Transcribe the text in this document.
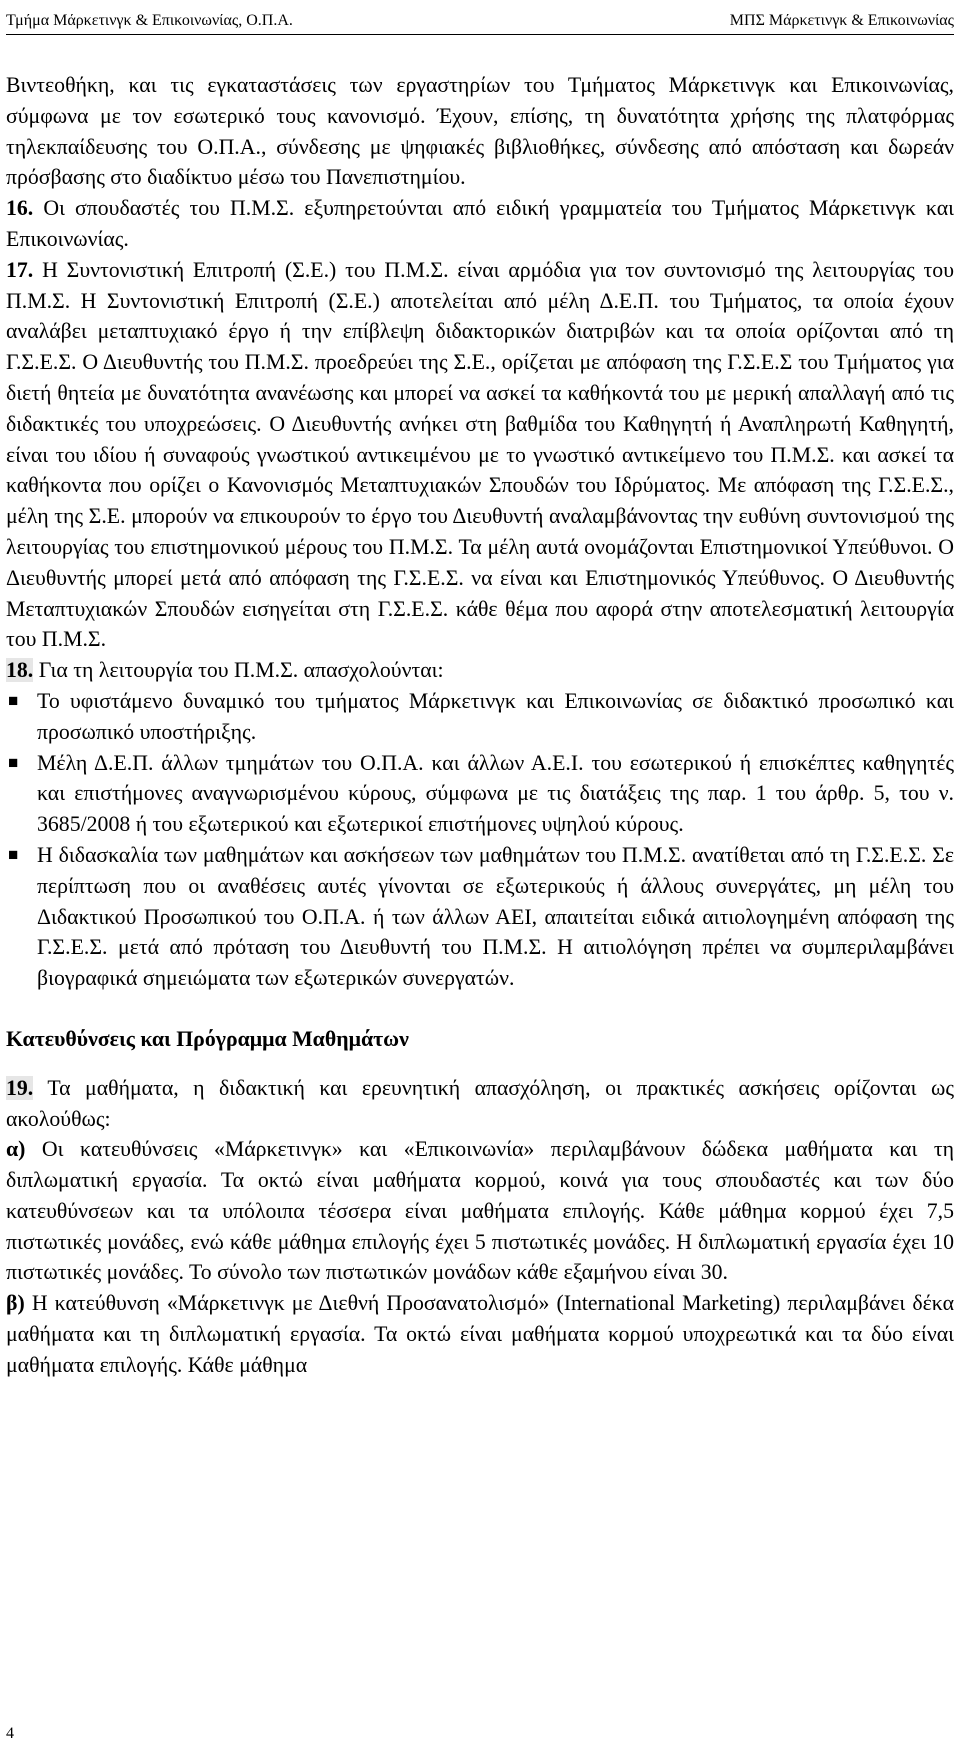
Τμήμα Μάρκετινγκ & Επικοινωνίας, Ο.Π.Α.	ΜΠΣ Μάρκετινγκ & Επικοινωνίας

Βιντεοθήκη, και τις εγκαταστάσεις των εργαστηρίων του Τμήματος Μάρκετινγκ και Επικοινωνίας, σύμφωνα με τον εσωτερικό τους κανονισμό. Έχουν, επίσης, τη δυνατότητα χρήσης της πλατφόρμας τηλεκπαίδευσης του Ο.Π.Α., σύνδεσης με ψηφιακές βιβλιοθήκες, σύνδεσης από απόσταση και δωρεάν πρόσβασης στο διαδίκτυο μέσω του Πανεπιστημίου.

16. Οι σπουδαστές του Π.Μ.Σ. εξυπηρετούνται από ειδική γραμματεία του Τμήματος Μάρκετινγκ και Επικοινωνίας.

17. Η Συντονιστική Επιτροπή (Σ.Ε.) του Π.Μ.Σ. είναι αρμόδια για τον συντονισμό της λειτουργίας του Π.Μ.Σ. Η Συντονιστική Επιτροπή (Σ.Ε.) αποτελείται από μέλη Δ.Ε.Π. του Τμήματος, τα οποία έχουν αναλάβει μεταπτυχιακό έργο ή την επίβλεψη διδακτορικών διατριβών και τα οποία ορίζονται από τη Γ.Σ.Ε.Σ. Ο Διευθυντής του Π.Μ.Σ. προεδρεύει της Σ.Ε., ορίζεται με απόφαση της Γ.Σ.Ε.Σ του Τμήματος για διετή θητεία με δυνατότητα ανανέωσης και μπορεί να ασκεί τα καθήκοντά του με μερική απαλλαγή από τις διδακτικές του υποχρεώσεις. Ο Διευθυντής ανήκει στη βαθμίδα του Καθηγητή ή Αναπληρωτή Καθηγητή, είναι του ιδίου ή συναφούς γνωστικού αντικειμένου με το γνωστικό αντικείμενο του Π.Μ.Σ. και ασκεί τα καθήκοντα που ορίζει ο Κανονισμός Μεταπτυχιακών Σπουδών του Ιδρύματος. Με απόφαση της Γ.Σ.Ε.Σ., μέλη της Σ.Ε. μπορούν να επικουρούν το έργο του Διευθυντή αναλαμβάνοντας την ευθύνη συντονισμού της λειτουργίας του επιστημονικού μέρους του Π.Μ.Σ. Τα μέλη αυτά ονομάζονται Επιστημονικοί Υπεύθυνοι. Ο Διευθυντής μπορεί μετά από απόφαση της Γ.Σ.Ε.Σ. να είναι και Επιστημονικός Υπεύθυνος. Ο Διευθυντής Μεταπτυχιακών Σπουδών εισηγείται στη Γ.Σ.Ε.Σ. κάθε θέμα που αφορά στην αποτελεσματική λειτουργία του Π.Μ.Σ.

18. Για τη λειτουργία του Π.Μ.Σ. απασχολούνται:

■ Το υφιστάμενο δυναμικό του τμήματος Μάρκετινγκ και Επικοινωνίας σε διδακτικό προσωπικό και προσωπικό υποστήριξης.
■ Μέλη Δ.Ε.Π. άλλων τμημάτων του Ο.Π.Α. και άλλων Α.Ε.Ι. του εσωτερικού ή επισκέπτες καθηγητές και επιστήμονες αναγνωρισμένου κύρους, σύμφωνα με τις διατάξεις της παρ. 1 του άρθρ. 5, του ν. 3685/2008 ή του εξωτερικού και εξωτερικοί επιστήμονες υψηλού κύρους.
■ Η διδασκαλία των μαθημάτων και ασκήσεων των μαθημάτων του Π.Μ.Σ. ανατίθεται από τη Γ.Σ.Ε.Σ. Σε περίπτωση που οι αναθέσεις αυτές γίνονται σε εξωτερικούς ή άλλους συνεργάτες, μη μέλη του Διδακτικού Προσωπικού του Ο.Π.Α. ή των άλλων ΑΕΙ, απαιτείται ειδικά αιτιολογημένη απόφαση της Γ.Σ.Ε.Σ. μετά από πρόταση του Διευθυντή του Π.Μ.Σ. Η αιτιολόγηση πρέπει να συμπεριλαμβάνει βιογραφικά σημειώματα των εξωτερικών συνεργατών.
Κατευθύνσεις και Πρόγραμμα Μαθημάτων

19. Τα μαθήματα, η διδακτική και ερευνητική απασχόληση, οι πρακτικές ασκήσεις ορίζονται ως ακολούθως:

α) Οι κατευθύνσεις «Μάρκετινγκ» και «Επικοινωνία» περιλαμβάνουν δώδεκα μαθήματα και τη διπλωματική εργασία. Τα οκτώ είναι μαθήματα κορμού, κοινά για τους σπουδαστές και των δύο κατευθύνσεων και τα υπόλοιπα τέσσερα είναι μαθήματα επιλογής. Κάθε μάθημα κορμού έχει 7,5 πιστωτικές μονάδες, ενώ κάθε μάθημα επιλογής έχει 5 πιστωτικές μονάδες. Η διπλωματική εργασία έχει 10 πιστωτικές μονάδες. Το σύνολο των πιστωτικών μονάδων κάθε εξαμήνου είναι 30.

β) Η κατεύθυνση «Μάρκετινγκ με Διεθνή Προσανατολισμό» (International Marketing) περιλαμβάνει δέκα μαθήματα και τη διπλωματική εργασία. Τα οκτώ είναι μαθήματα κορμού υποχρεωτικά και τα δύο είναι μαθήματα επιλογής. Κάθε μάθημα

4
